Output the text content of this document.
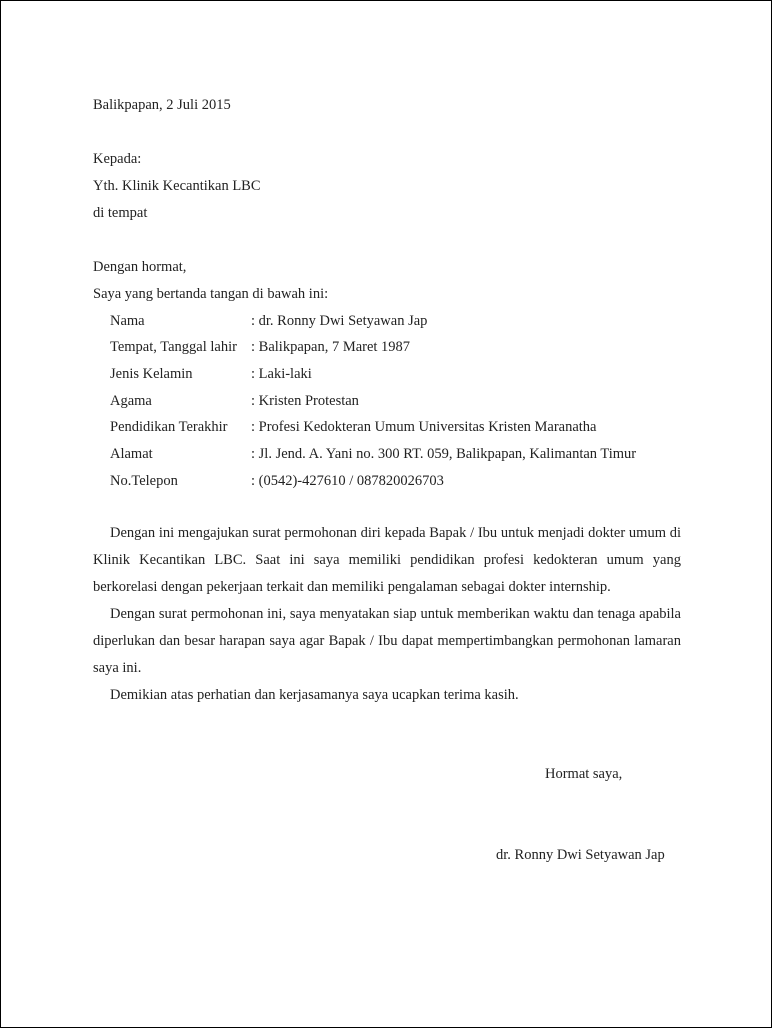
Balikpapan, 2 Juli 2015
Kepada:
Yth. Klinik Kecantikan LBC
di tempat
Dengan hormat,
Saya yang bertanda tangan di bawah ini:
Nama	: dr. Ronny Dwi Setyawan Jap
Tempat, Tanggal lahir : Balikpapan, 7 Maret 1987
Jenis Kelamin	: Laki-laki
Agama	: Kristen Protestan
Pendidikan Terakhir : Profesi Kedokteran Umum Universitas Kristen Maranatha
Alamat	: Jl. Jend. A. Yani no. 300 RT. 059, Balikpapan, Kalimantan Timur
No.Telepon	: (0542)-427610 / 087820026703

Dengan ini mengajukan surat permohonan diri kepada Bapak / Ibu untuk menjadi dokter umum di Klinik Kecantikan LBC. Saat ini saya memiliki pendidikan profesi kedokteran umum yang berkorelasi dengan pekerjaan terkait dan memiliki pengalaman sebagai dokter internship.

Dengan surat permohonan ini, saya menyatakan siap untuk memberikan waktu dan tenaga apabila diperlukan dan besar harapan saya agar Bapak / Ibu dapat mempertimbangkan permohonan lamaran saya ini.

Demikian atas perhatian dan kerjasamanya saya ucapkan terima kasih.

Hormat saya,
dr. Ronny Dwi Setyawan Jap
